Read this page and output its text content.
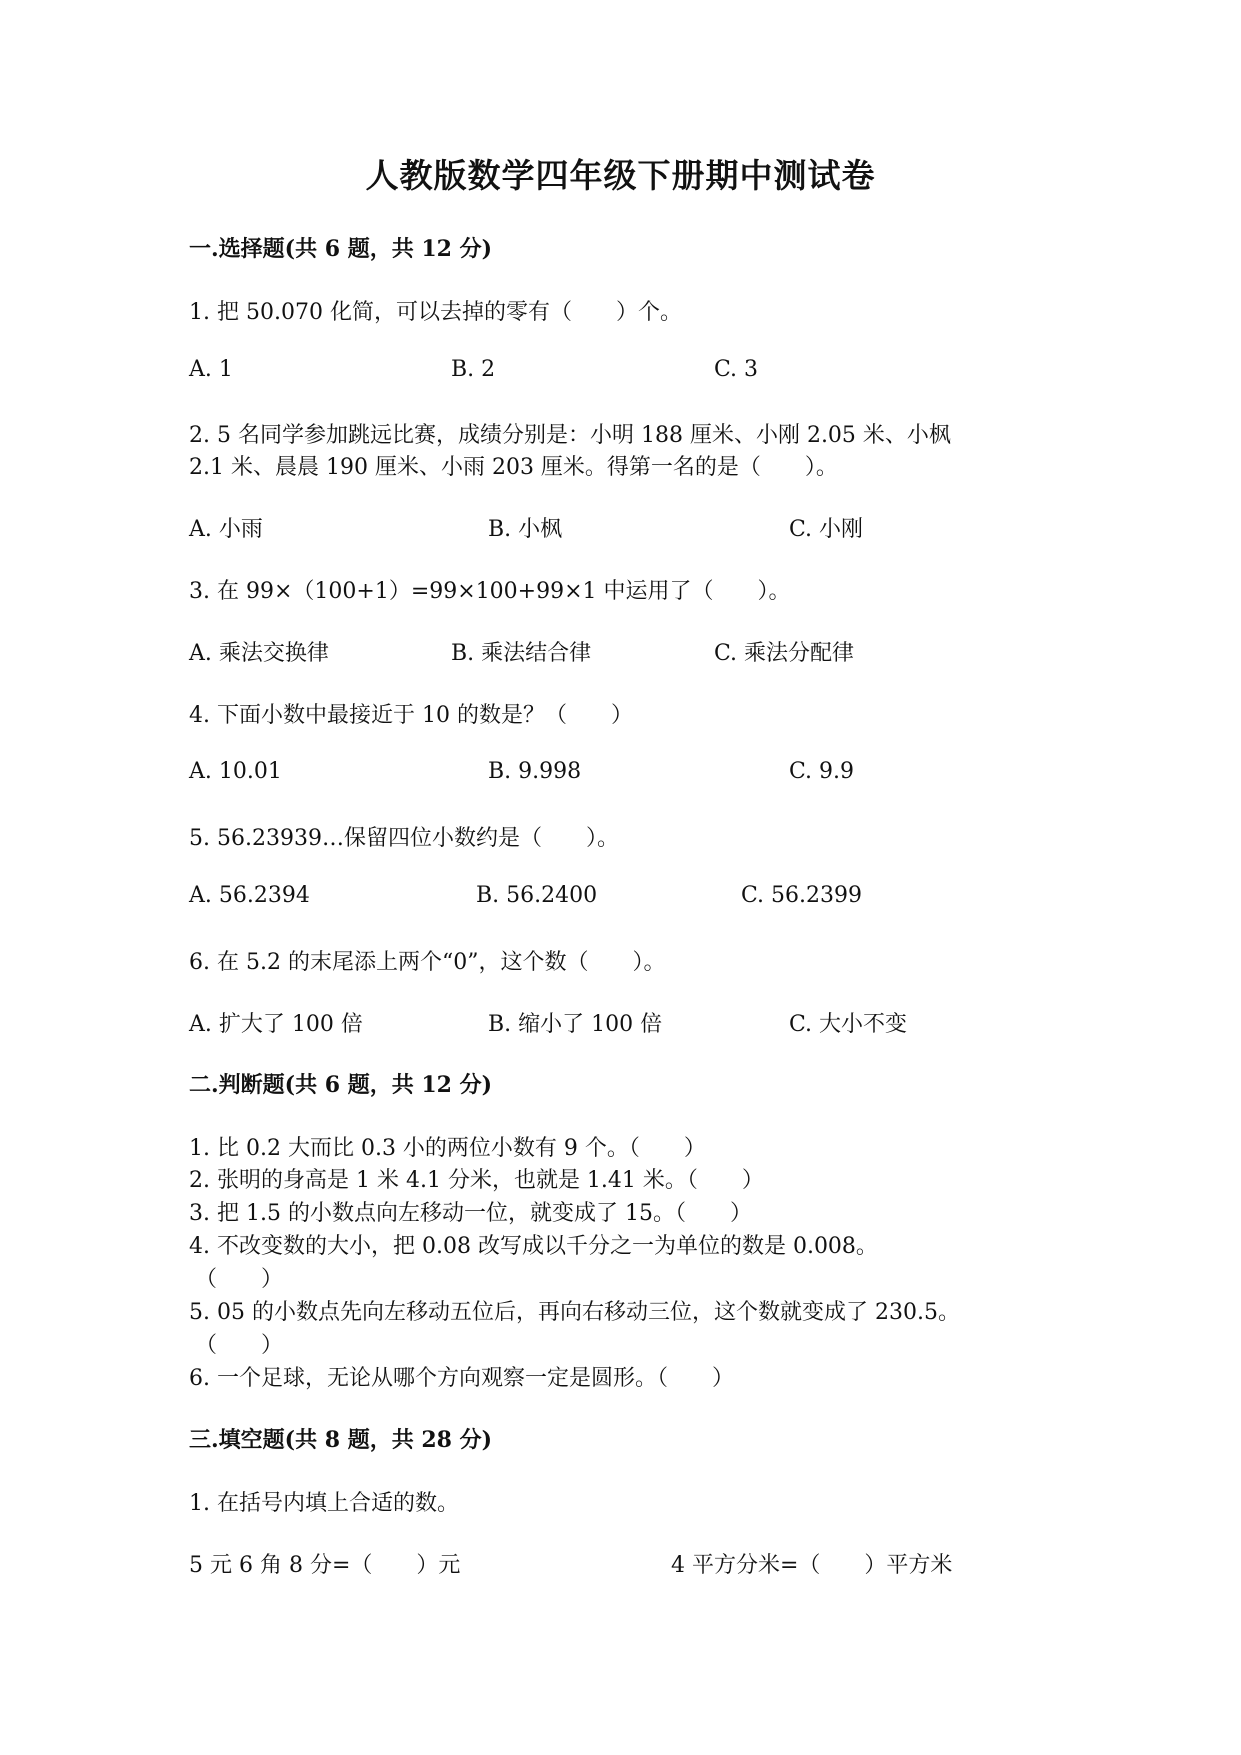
人教版数学四年级下册期中测试卷
一.选择题(共 6 题，共 12 分)
1. 把 50.070 化简，可以去掉的零有（　　）个。
A. 1	B. 2	C. 3
2. 5 名同学参加跳远比赛，成绩分别是：小明 188 厘米、小刚 2.05 米、小枫
2.1 米、晨晨 190 厘米、小雨 203 厘米。得第一名的是（　　）。
A. 小雨	B. 小枫	C. 小刚
3. 在 99×（100+1）=99×100+99×1 中运用了（　　）。
A. 乘法交换律	B. 乘法结合律	C. 乘法分配律
4. 下面小数中最接近于 10 的数是？（　　）
A. 10.01	B. 9.998	C. 9.9
5. 56.23939…保留四位小数约是（　　）。
A. 56.2394	B. 56.2400	C. 56.2399
6. 在 5.2 的末尾添上两个“0”，这个数（　　）。
A. 扩大了 100 倍	B. 缩小了 100 倍	C. 大小不变
二.判断题(共 6 题，共 12 分)
1. 比 0.2 大而比 0.3 小的两位小数有 9 个。（　　）
2. 张明的身高是 1 米 4.1 分米，也就是 1.41 米。（　　）
3. 把 1.5 的小数点向左移动一位，就变成了 15。（　　）
4. 不改变数的大小，把 0.08 改写成以千分之一为单位的数是 0.008。
（　　）
5. 05 的小数点先向左移动五位后，再向右移动三位，这个数就变成了 230.5。
（　　）
6. 一个足球，无论从哪个方向观察一定是圆形。（　　）
三.填空题(共 8 题，共 28 分)
1. 在括号内填上合适的数。
5 元 6 角 8 分=（　　）元	4 平方分米=（　　）平方米
